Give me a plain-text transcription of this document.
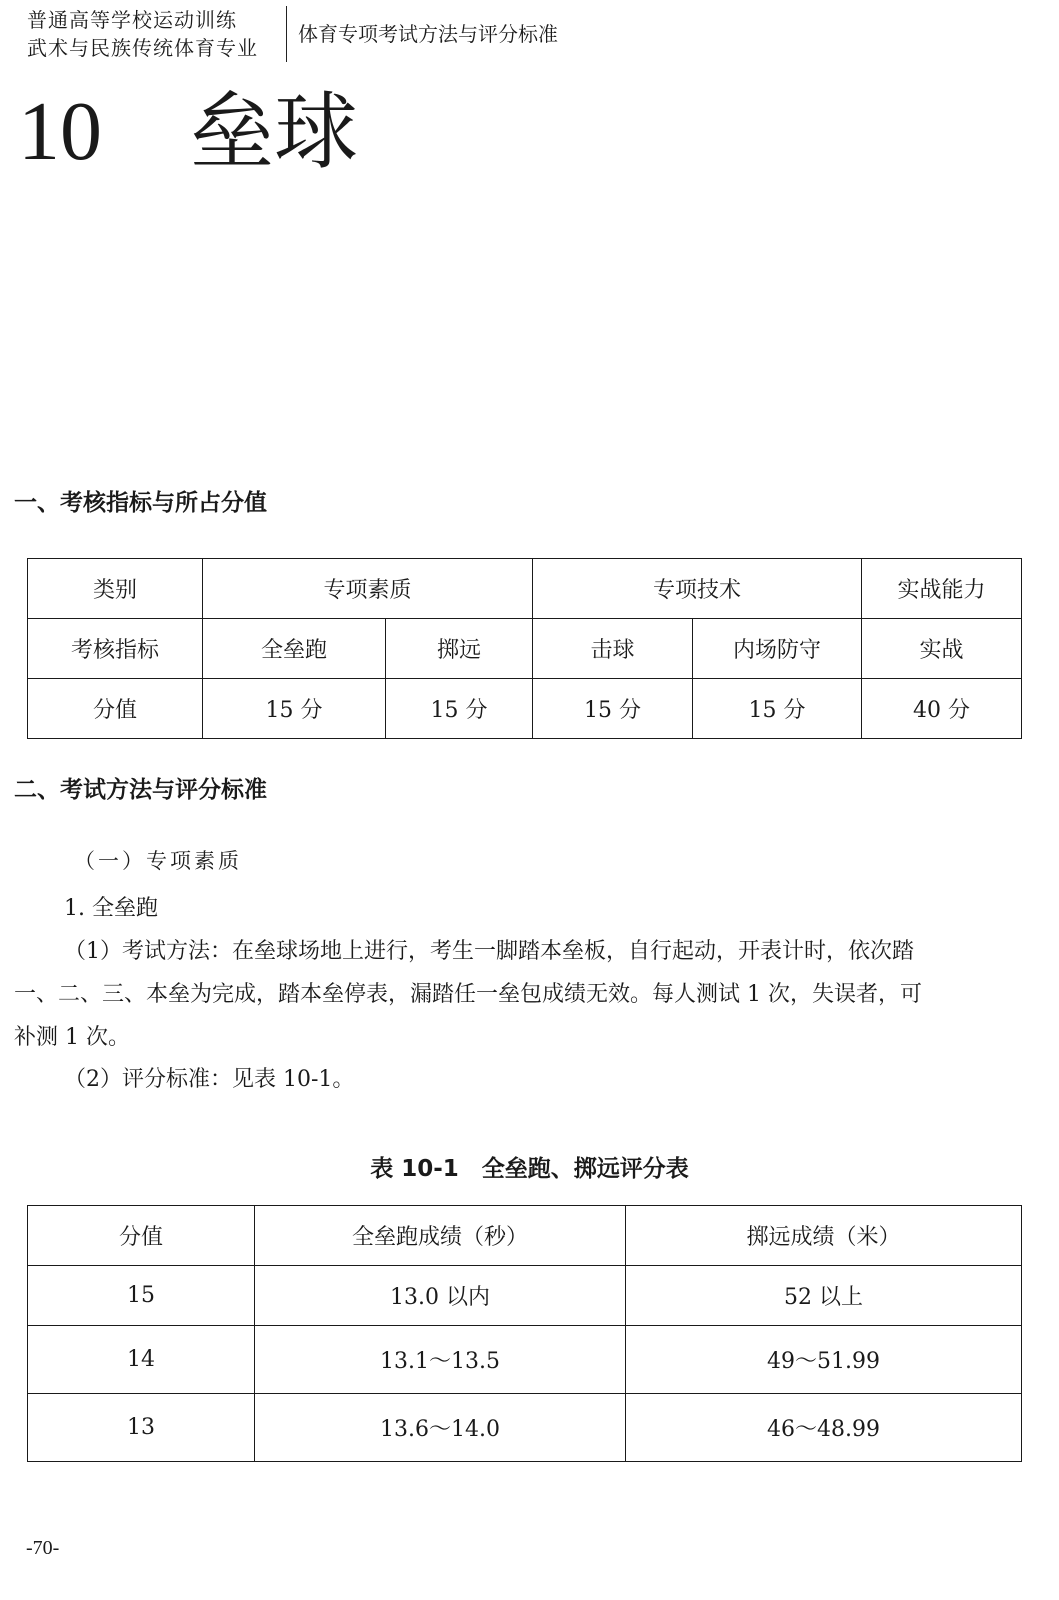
普通高等学校运动训练
武术与民族传统体育专业
体育专项考试方法与评分标准
10 垒球
一、考核指标与所占分值
类别	专项素质		专项技术		实战能力
考核指标	全垒跑	掷远	击球	内场防守	实战
分值	15 分	15 分	15 分	15 分	40 分
二、考试方法与评分标准
（一）专项素质
1. 全垒跑
（1）考试方法：在垒球场地上进行，考生一脚踏本垒板，自行起动，开表计时，依次踏
一、二、三、本垒为完成，踏本垒停表，漏踏任一垒包成绩无效。每人测试 1 次，失误者，可
补测 1 次。
（2）评分标准：见表 10-1。
表 10-1　全垒跑、掷远评分表
分值	全垒跑成绩（秒）	掷远成绩（米）
15	13.0 以内	52 以上
14	13.1～13.5	49～51.99
13	13.6～14.0	46～48.99
-70-
